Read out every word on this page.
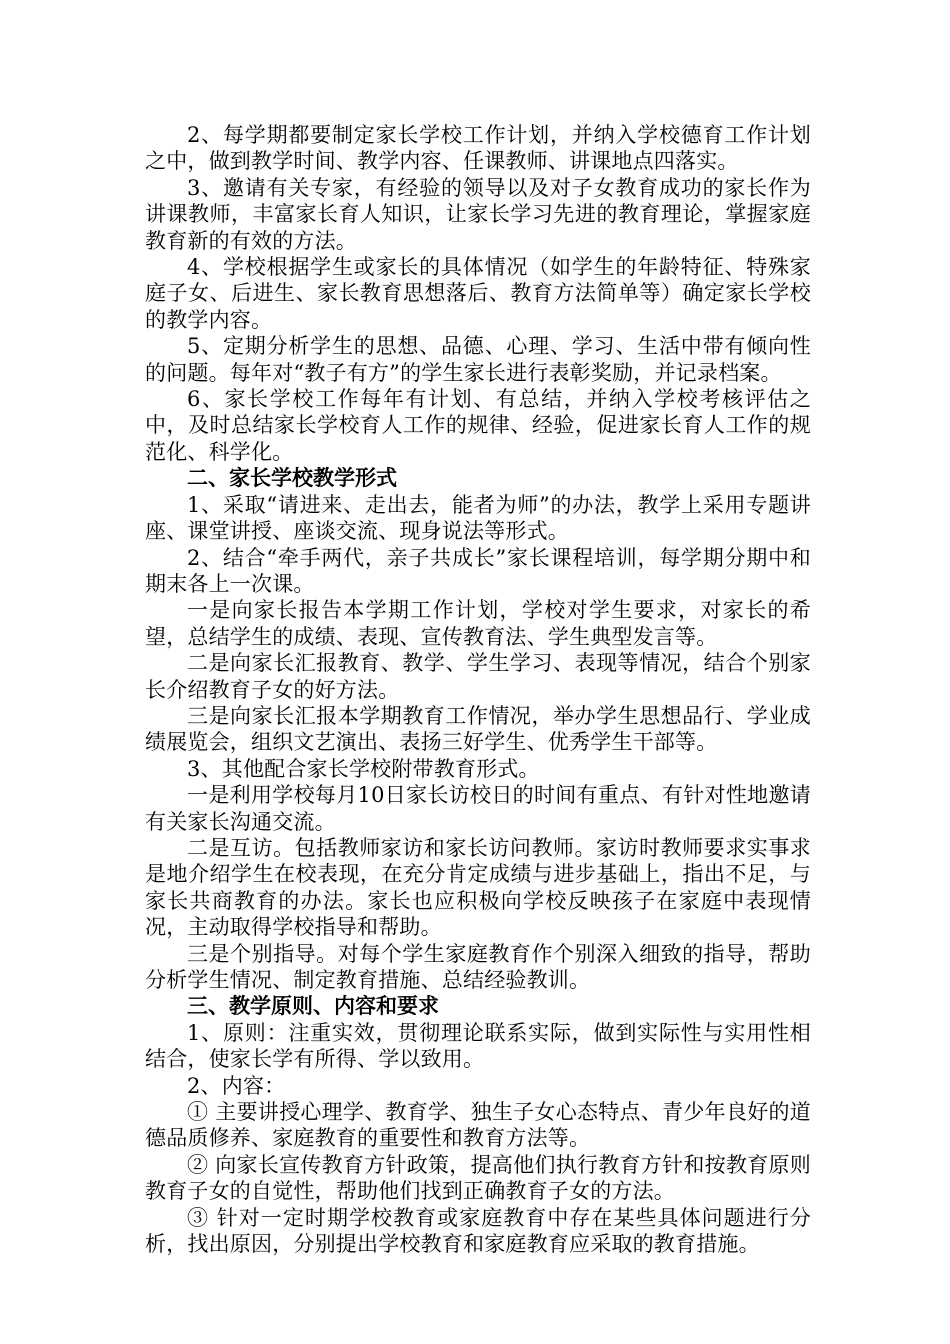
2、每学期都要制定家长学校工作计划，并纳入学校德育工作计划之中，做到教学时间、教学内容、任课教师、讲课地点四落实。

3、邀请有关专家，有经验的领导以及对子女教育成功的家长作为讲课教师，丰富家长育人知识，让家长学习先进的教育理论，掌握家庭教育新的有效的方法。

4、学校根据学生或家长的具体情况（如学生的年龄特征、特殊家庭子女、后进生、家长教育思想落后、教育方法简单等）确定家长学校的教学内容。

5、定期分析学生的思想、品德、心理、学习、生活中带有倾向性的问题。每年对“教子有方”的学生家长进行表彰奖励，并记录档案。

6、家长学校工作每年有计划、有总结，并纳入学校考核评估之中，及时总结家长学校育人工作的规律、经验，促进家长育人工作的规范化、科学化。

二、家长学校教学形式

1、采取“请进来、走出去，能者为师”的办法，教学上采用专题讲座、课堂讲授、座谈交流、现身说法等形式。

2、结合“牵手两代，亲子共成长”家长课程培训，每学期分期中和期末各上一次课。

一是向家长报告本学期工作计划，学校对学生要求，对家长的希望，总结学生的成绩、表现、宣传教育法、学生典型发言等。

二是向家长汇报教育、教学、学生学习、表现等情况，结合个别家长介绍教育子女的好方法。

三是向家长汇报本学期教育工作情况，举办学生思想品行、学业成绩展览会，组织文艺演出、表扬三好学生、优秀学生干部等。

3、其他配合家长学校附带教育形式。

一是利用学校每月10日家长访校日的时间有重点、有针对性地邀请有关家长沟通交流。

二是互访。包括教师家访和家长访问教师。家访时教师要求实事求是地介绍学生在校表现，在充分肯定成绩与进步基础上，指出不足，与家长共商教育的办法。家长也应积极向学校反映孩子在家庭中表现情况，主动取得学校指导和帮助。

三是个别指导。对每个学生家庭教育作个别深入细致的指导，帮助分析学生情况、制定教育措施、总结经验教训。

三、教学原则、内容和要求

1、原则：注重实效，贯彻理论联系实际，做到实际性与实用性相结合，使家长学有所得、学以致用。

2、内容：

① 主要讲授心理学、教育学、独生子女心态特点、青少年良好的道德品质修养、家庭教育的重要性和教育方法等。

② 向家长宣传教育方针政策，提高他们执行教育方针和按教育原则教育子女的自觉性，帮助他们找到正确教育子女的方法。

③ 针对一定时期学校教育或家庭教育中存在某些具体问题进行分析，找出原因，分别提出学校教育和家庭教育应采取的教育措施。
